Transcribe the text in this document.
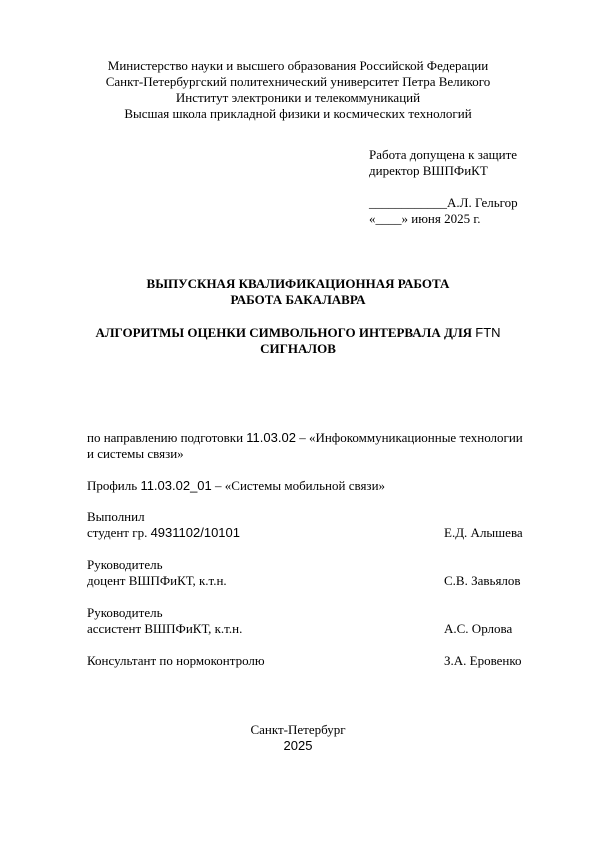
Министерство науки и высшего образования Российской Федерации
Санкт-Петербургский политехнический университет Петра Великого
Институт электроники и телекоммуникаций
Высшая школа прикладной физики и космических технологий
Работа допущена к защите
директор ВШПФиКТ
____________А.Л. Гельгор
«____» июня 2025 г.
ВЫПУСКНАЯ КВАЛИФИКАЦИОННАЯ РАБОТА
РАБОТА БАКАЛАВРА
АЛГОРИТМЫ ОЦЕНКИ СИМВОЛЬНОГО ИНТЕРВАЛА ДЛЯ FTN
СИГНАЛОВ
по направлению подготовки 11.03.02 – «Инфокоммуникационные технологии
и системы связи»
Профиль 11.03.02_01 – «Системы мобильной связи»
Выполнил
студент гр. 4931102/10101	Е.Д. Алышева
Руководитель
доцент ВШПФиКТ, к.т.н.	С.В. Завьялов
Руководитель
ассистент ВШПФиКТ, к.т.н.	А.С. Орлова
Консультант по нормоконтролю	З.А. Еровенко
Санкт-Петербург
2025
